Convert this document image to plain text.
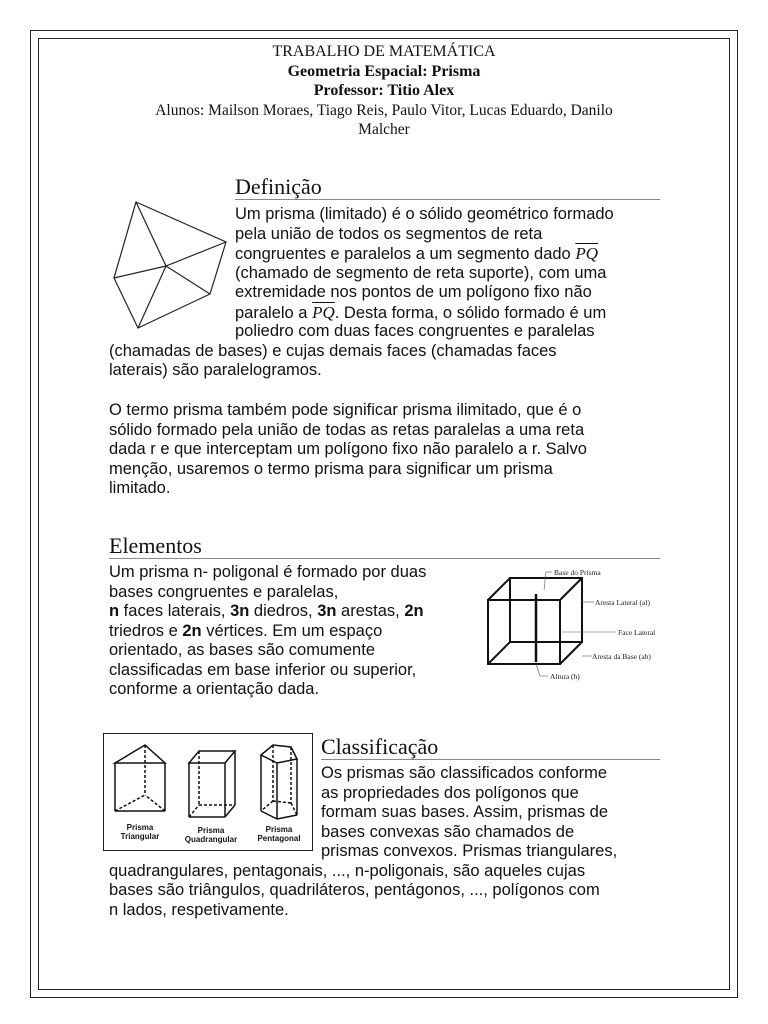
TRABALHO DE MATEMÁTICA
Geometria Espacial: Prisma
Professor: Titio Alex
Alunos: Mailson Moraes, Tiago Reis, Paulo Vitor, Lucas Eduardo, Danilo
Malcher
Definição
Um prisma (limitado) é o sólido geométrico formado
pela união de todos os segmentos de reta
congruentes e paralelos a um segmento dado $\overline{PQ}$
(chamado de segmento de reta suporte), com uma
extremidade nos pontos de um polígono fixo não
paralelo a $\overline{PQ}$. Desta forma, o sólido formado é um
poliedro com duas faces congruentes e paralelas
(chamadas de bases) e cujas demais faces (chamadas faces
laterais) são paralelogramos.
O termo prisma também pode significar prisma ilimitado, que é o
sólido formado pela união de todas as retas paralelas a uma reta
dada r e que interceptam um polígono fixo não paralelo a r. Salvo
menção, usaremos o termo prisma para significar um prisma
limitado.
Elementos
Um prisma n- poligonal é formado por duas
bases congruentes e paralelas,
n faces laterais, 3n diedros, 3n arestas, 2n
triedros e 2n vértices. Em um espaço
orientado, as bases são comumente
classificadas em base inferior ou superior,
conforme a orientação dada.
Base do Prisma
Aresta Lateral (al)
Face Lateral
Aresta da Base (ab)
Altura (h)
Classificação
Prisma
Triangular
Prisma
Quadrangular
Prisma
Pentagonal
Os prismas são classificados conforme
as propriedades dos polígonos que
formam suas bases. Assim, prismas de
bases convexas são chamados de
prismas convexos. Prismas triangulares,
quadrangulares, pentagonais, ..., n-poligonais, são aqueles cujas
bases são triângulos, quadriláteros, pentágonos, ..., polígonos com
n lados, respetivamente.
